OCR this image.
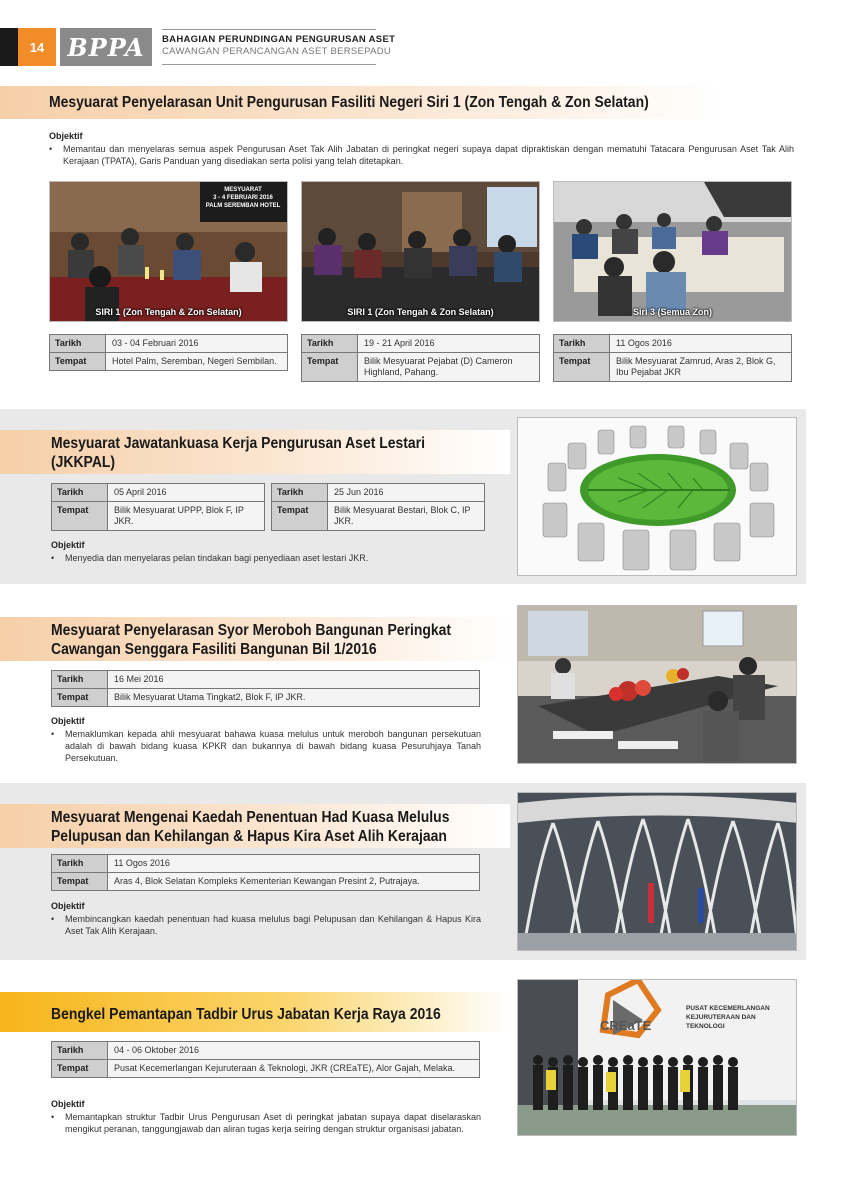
14 BPPA BAHAGIAN PERUNDINGAN PENGURUSAN ASET
CAWANGAN PERANCANGAN ASET BERSEPADU
Mesyuarat Penyelarasan Unit Pengurusan Fasiliti Negeri Siri 1 (Zon Tengah & Zon Selatan)
Objektif
• Memantau dan menyelaras semua aspek Pengurusan Aset Tak Alih Jabatan di peringkat negeri supaya dapat dipraktiskan dengan mematuhi Tatacara Pengurusan Aset Tak Alih Kerajaan (TPATA), Garis Panduan yang disediakan serta polisi yang telah ditetapkan.
MESYUARAT
3 - 4 FEBRUARI 2016
PALM SEREMBAN HOTEL
SIRI 1 (Zon Tengah & Zon Selatan)	SIRI 1 (Zon Tengah & Zon Selatan)	Siri 3 (Semua Zon)
Tarikh	03 - 04 Februari 2016
Tempat	Hotel Palm, Seremban, Negeri Sembilan.
Tarikh	19 - 21 April 2016
Tempat	Bilik Mesyuarat Pejabat (D) Cameron Highland, Pahang.
Tarikh	11 Ogos 2016
Tempat	Bilik Mesyuarat Zamrud, Aras 2, Blok G, Ibu Pejabat JKR
Mesyuarat Jawatankuasa Kerja Pengurusan Aset Lestari (JKKPAL)
Tarikh	05 April 2016
Tempat	Bilik Mesyuarat UPPP, Blok F, IP JKR.
Tarikh	25 Jun 2016
Tempat	Bilik Mesyuarat Bestari, Blok C, IP JKR.
Objektif
• Menyedia dan menyelaras pelan tindakan bagi penyediaan aset lestari JKR.
Mesyuarat Penyelarasan Syor Meroboh Bangunan Peringkat Cawangan Senggara Fasiliti Bangunan Bil 1/2016
Tarikh	16 Mei 2016
Tempat	Bilik Mesyuarat Utama Tingkat2, Blok F, IP JKR.
Objektif
• Memaklumkan kepada ahli mesyuarat bahawa kuasa melulus untuk meroboh bangunan persekutuan adalah di bawah bidang kuasa KPKR dan bukannya di bawah bidang kuasa Pesuruhjaya Tanah Persekutuan.
Mesyuarat Mengenai Kaedah Penentuan Had Kuasa Melulus Pelupusan dan Kehilangan & Hapus Kira Aset Alih Kerajaan
Tarikh	11 Ogos 2016
Tempat	Aras 4, Blok Selatan Kompleks Kementerian Kewangan Presint 2, Putrajaya.
Objektif
• Membincangkan kaedah penentuan had kuasa melulus bagi Pelupusan dan Kehilangan & Hapus Kira Aset Tak Alih Kerajaan.
Bengkel Pemantapan Tadbir Urus Jabatan Kerja Raya 2016
CREaTE
PUSAT KECEMERLANGAN
KEJURUTERAAN DAN TEKNOLOGI
Tarikh	04 - 06 Oktober 2016
Tempat	Pusat Kecemerlangan Kejuruteraan & Teknologi, JKR (CREaTE), Alor Gajah, Melaka.
Objektif
• Memantapkan struktur Tadbir Urus Pengurusan Aset di peringkat jabatan supaya dapat diselaraskan mengikut peranan, tanggungjawab dan aliran tugas kerja seiring dengan struktur organisasi jabatan.
